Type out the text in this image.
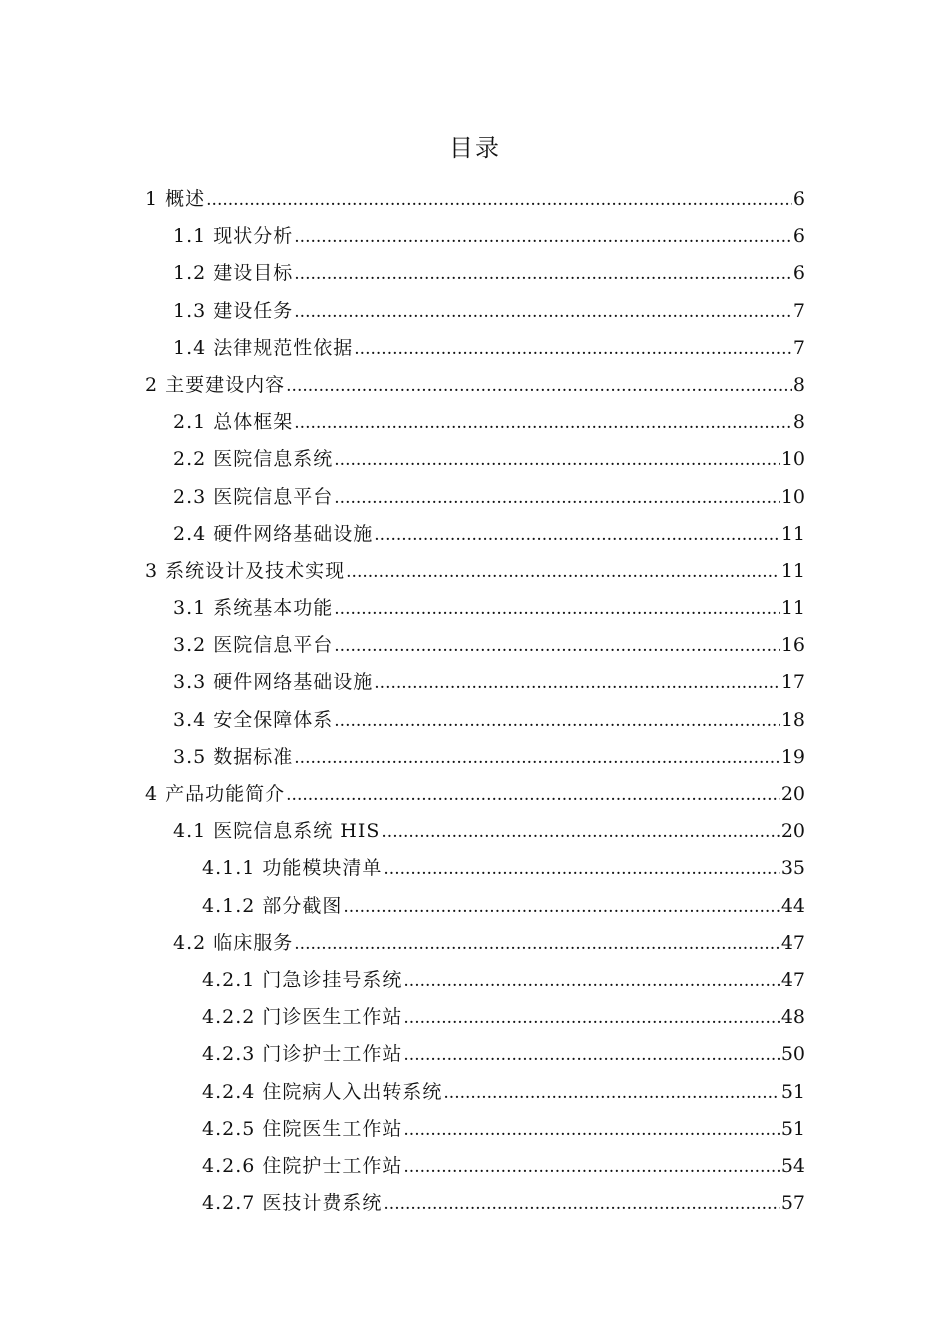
目录
1 概述 .....	6
1.1 现状分析 .....	6
1.2 建设目标 .....	6
1.3 建设任务 .....	7
1.4 法律规范性依据 .....	7
2 主要建设内容 .....	8
2.1 总体框架 .....	8
2.2 医院信息系统 .....	10
2.3 医院信息平台 .....	10
2.4 硬件网络基础设施 .....	11
3 系统设计及技术实现 .....	11
3.1 系统基本功能 .....	11
3.2 医院信息平台 .....	16
3.3 硬件网络基础设施 .....	17
3.4 安全保障体系 .....	18
3.5 数据标准 .....	19
4 产品功能简介 .....	20
4.1 医院信息系统 HIS .....	20
4.1.1 功能模块清单 .....	35
4.1.2 部分截图 .....	44
4.2 临床服务 .....	47
4.2.1 门急诊挂号系统 .....	47
4.2.2 门诊医生工作站 .....	48
4.2.3 门诊护士工作站 .....	50
4.2.4 住院病人入出转系统 .....	51
4.2.5 住院医生工作站 .....	51
4.2.6 住院护士工作站 .....	54
4.2.7 医技计费系统 .....	57
